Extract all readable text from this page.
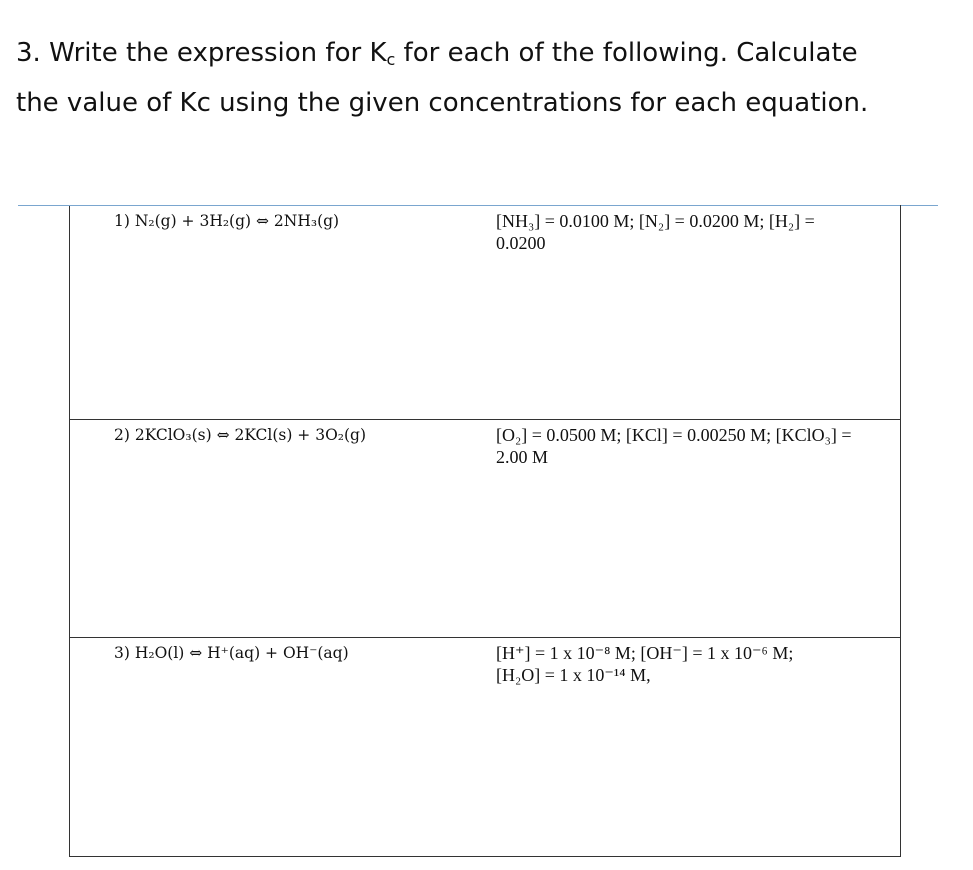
3. Write the expression for $K_c$ for each of the following. Calculate
the value of Kc using the given concentrations for each equation.
1) N₂(g) + 3H₂(g) ⇔ 2NH₃(g)	[NH₃] = 0.0100 M; [N₂] = 0.0200 M; [H₂] =
0.0200

2) 2KClO₃(s) ⇔ 2KCl(s) + 3O₂(g)	[O₂] = 0.0500 M; [KCl] = 0.00250 M; [KClO₃] =
2.00 M

3) H₂O(l) ⇔ H⁺(aq) + OH⁻(aq)	[H⁺] = 1 x 10⁻⁸ M; [OH⁻] = 1 x 10⁻⁶ M;
[H₂O] = 1 x 10⁻¹⁴ M,
